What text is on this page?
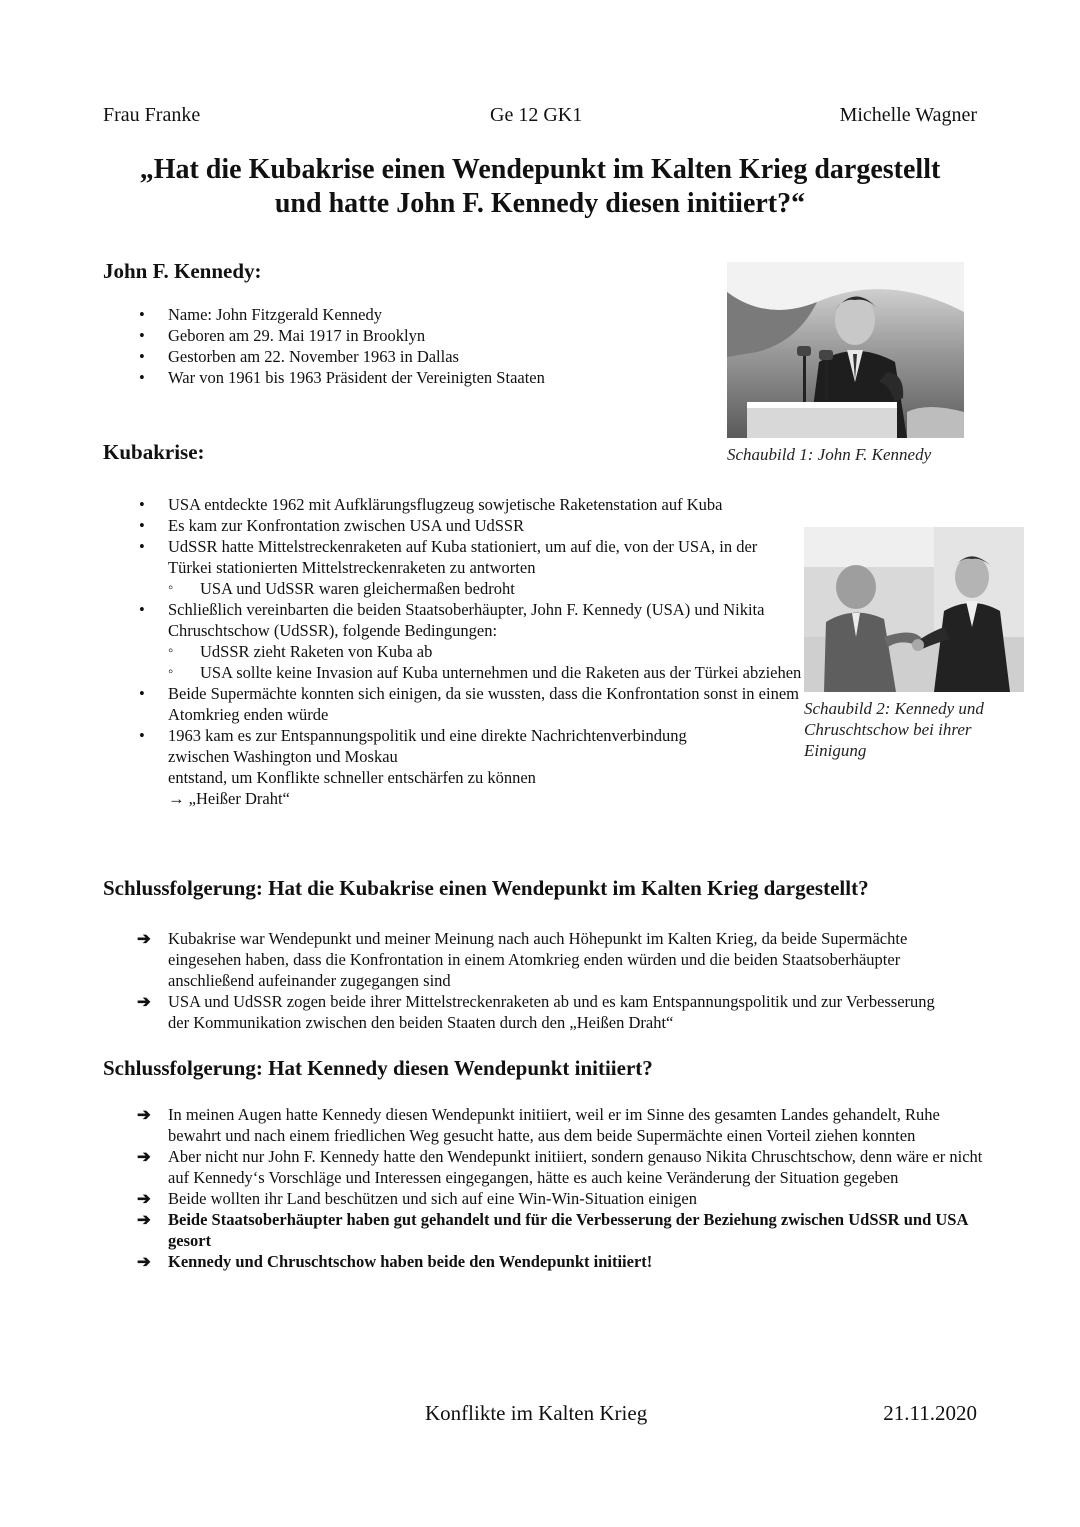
Frau Franke	Ge 12 GK1	Michelle Wagner
„Hat die Kubakrise einen Wendepunkt im Kalten Krieg dargestellt
und hatte John F. Kennedy diesen initiiert?“
John F. Kennedy:
• Name: John Fitzgerald Kennedy
• Geboren am 29. Mai 1917 in Brooklyn
• Gestorben am 22. November 1963 in Dallas
• War von 1961 bis 1963 Präsident der Vereinigten Staaten
Schaubild 1: John F. Kennedy
Kubakrise:
• USA entdeckte 1962 mit Aufklärungsflugzeug sowjetische Raketenstation auf Kuba
• Es kam zur Konfrontation zwischen USA und UdSSR
• UdSSR hatte Mittelstreckenraketen auf Kuba stationiert, um auf die, von der USA, in der Türkei stationierten Mittelstreckenraketen zu antworten
◦ USA und UdSSR waren gleichermaßen bedroht
• Schließlich vereinbarten die beiden Staatsoberhäupter, John F. Kennedy (USA) und Nikita Chruschtschow (UdSSR), folgende Bedingungen:
◦ UdSSR zieht Raketen von Kuba ab
◦ USA sollte keine Invasion auf Kuba unternehmen und die Raketen aus der Türkei abziehen
• Beide Supermächte konnten sich einigen, da sie wussten, dass die Konfrontation sonst in einem Atomkrieg enden würde
• 1963 kam es zur Entspannungspolitik und eine direkte Nachrichtenverbindung zwischen Washington und Moskau
entstand, um Konflikte schneller entschärfen zu können
→ „Heißer Draht“
Schaubild 2: Kennedy und Chruschtschow bei ihrer Einigung
Schlussfolgerung: Hat die Kubakrise einen Wendepunkt im Kalten Krieg dargestellt?
➔ Kubakrise war Wendepunkt und meiner Meinung nach auch Höhepunkt im Kalten Krieg, da beide Supermächte eingesehen haben, dass die Konfrontation in einem Atomkrieg enden würden und die beiden Staatsoberhäupter anschließend aufeinander zugegangen sind
➔ USA und UdSSR zogen beide ihrer Mittelstreckenraketen ab und es kam Entspannungspolitik und zur Verbesserung der Kommunikation zwischen den beiden Staaten durch den „Heißen Draht“
Schlussfolgerung: Hat Kennedy diesen Wendepunkt initiiert?
➔ In meinen Augen hatte Kennedy diesen Wendepunkt initiiert, weil er im Sinne des gesamten Landes gehandelt, Ruhe bewahrt und nach einem friedlichen Weg gesucht hatte, aus dem beide Supermächte einen Vorteil ziehen konnten
➔ Aber nicht nur John F. Kennedy hatte den Wendepunkt initiiert, sondern genauso Nikita Chruschtschow, denn wäre er nicht auf Kennedy‘s Vorschläge und Interessen eingegangen, hätte es auch keine Veränderung der Situation gegeben
➔ Beide wollten ihr Land beschützen und sich auf eine Win-Win-Situation einigen
➔ Beide Staatsoberhäupter haben gut gehandelt und für die Verbesserung der Beziehung zwischen UdSSR und USA gesort
➔ Kennedy und Chruschtschow haben beide den Wendepunkt initiiert!
Konflikte im Kalten Krieg	21.11.2020
